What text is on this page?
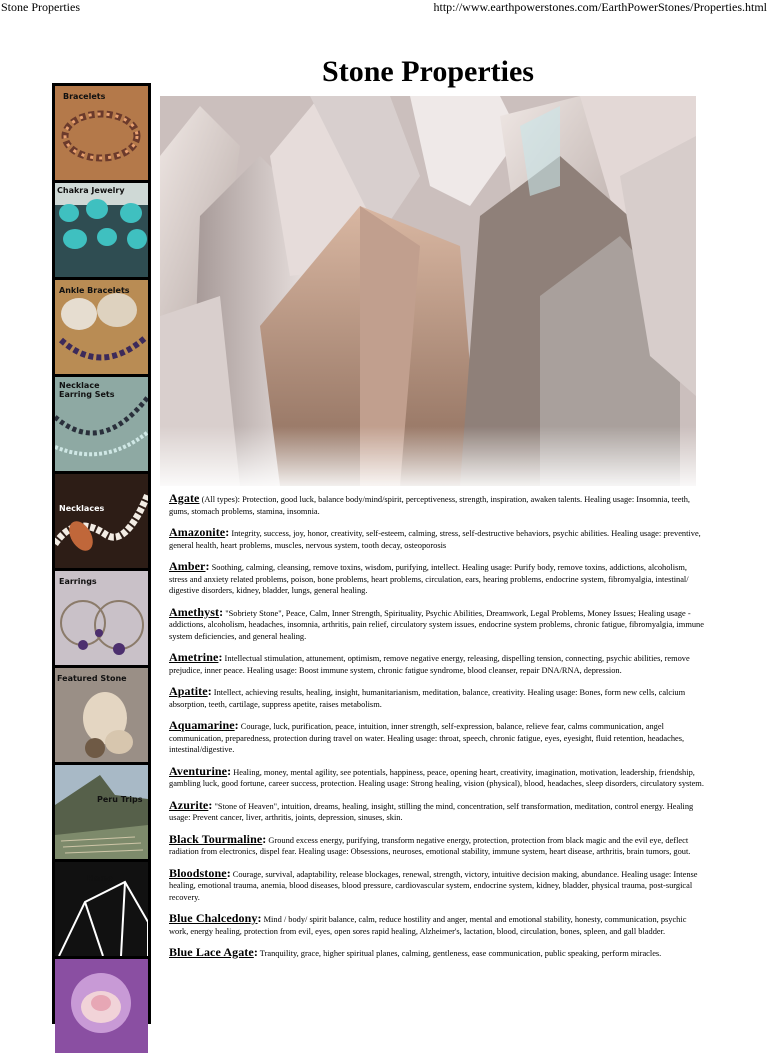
Stone Properties	http://www.earthpowerstones.com/EarthPowerStones/Properties.html
Stone Properties
Bracelets
Chakra Jewelry
Ankle Bracelets
Necklace
Earring Sets
Necklaces
Earrings
Featured Stone
Peru Trips
Home
Agate (All types): Protection, good luck, balance body/mind/spirit, perceptiveness, strength, inspiration, awaken talents. Healing usage: Insomnia, teeth, gums, stomach problems, stamina, insomnia.
Amazonite: Integrity, success, joy, honor, creativity, self-esteem, calming, stress, self-destructive behaviors, psychic abilities. Healing usage: preventive, general health, heart problems, muscles, nervous system, tooth decay, osteoporosis
Amber: Soothing, calming, cleansing, remove toxins, wisdom, purifying, intellect. Healing usage: Purify body, remove toxins, addictions, alcoholism, stress and anxiety related problems, poison, bone problems, heart problems, circulation, ears, hearing problems, endocrine system, fibromyalgia, intestinal/ digestive disorders, kidney, bladder, lungs, general healing.
Amethyst: "Sobriety Stone", Peace, Calm, Inner Strength, Spirituality, Psychic Abilities, Dreamwork, Legal Problems, Money Issues; Healing usage - addictions, alcoholism, headaches, insomnia, arthritis, pain relief, circulatory system issues, endocrine system problems, chronic fatigue, fibromyalgia, immune system deficiencies, and general healing.
Ametrine: Intellectual stimulation, attunement, optimism, remove negative energy, releasing, dispelling tension, connecting, psychic abilities, remove prejudice, inner peace. Healing usage: Boost immune system, chronic fatigue syndrome, blood cleanser, repair DNA/RNA, depression.
Apatite: Intellect, achieving results, healing, insight, humanitarianism, meditation, balance, creativity. Healing usage: Bones, form new cells, calcium absorption, teeth, cartilage, suppress apetite, raises metabolism.
Aquamarine: Courage, luck, purification, peace, intuition, inner strength, self-expression, balance, relieve fear, calms communication, angel communication, preparedness, protection during travel on water. Healing usage: throat, speech, chronic fatigue, eyes, eyesight, fluid retention, headaches, intestinal/digestive.
Aventurine: Healing, money, mental agility, see potentials, happiness, peace, opening heart, creativity, imagination, motivation, leadership, friendship, gambling luck, good fortune, career success, protection. Healing usage: Strong healing, vision (physical), blood, headaches, sleep disorders, circulatory system.
Azurite: "Stone of Heaven", intuition, dreams, healing, insight, stilling the mind, concentration, self transformation, meditation, control energy. Healing usage: Prevent cancer, liver, arthritis, joints, depression, sinuses, skin.
Black Tourmaline: Ground excess energy, purifying, transform negative energy, protection, protection from black magic and the evil eye, deflect radiation from electronics, dispel fear. Healing usage: Obsessions, neuroses, emotional stability, immune system, heart disease, arthritis, brain tumors, gout.
Bloodstone: Courage, survival, adaptability, release blockages, renewal, strength, victory, intuitive decision making, abundance. Healing usage: Intense healing, emotional trauma, anemia, blood diseases, blood pressure, cardiovascular system, endocrine system, kidney, bladder, physical trauma, post-surgical recovery.
Blue Chalcedony: Mind / body/ spirit balance, calm, reduce hostility and anger, mental and emotional stability, honesty, communication, psychic work, energy healing, protection from evil, eyes, open sores rapid healing, Alzheimer's, lactation, blood, circulation, bones, spleen, and gall bladder.
Blue Lace Agate: Tranquility, grace, higher spiritual planes, calming, gentleness, ease communication, public speaking, perform miracles.
